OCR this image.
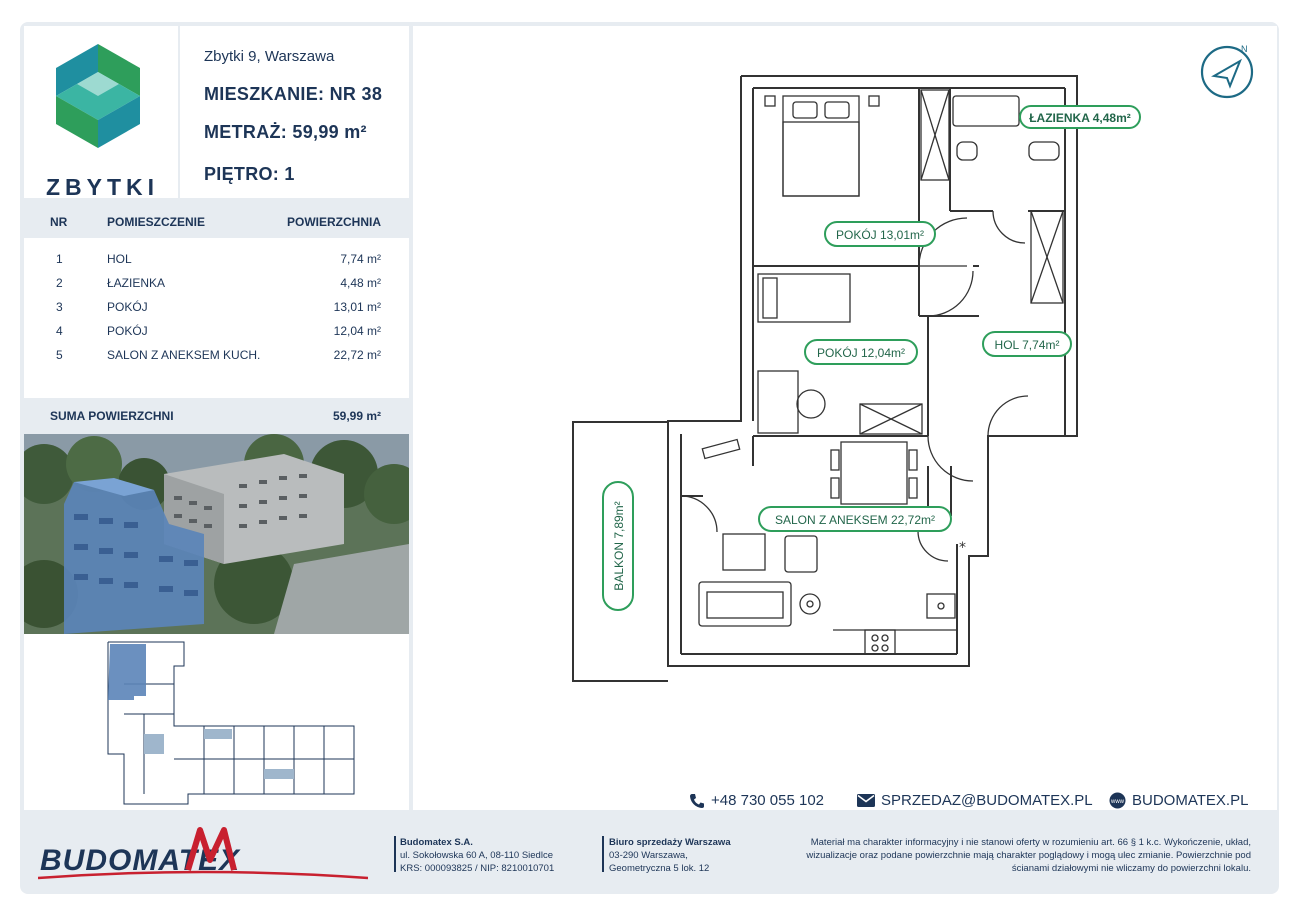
ZBYTKI
Zbytki 9, Warszawa
MIESZKANIE: NR 38
METRAŻ: 59,99 m²
PIĘTRO: 1
NR	POMIESZCZENIE	POWIERZCHNIA
1	HOL	7,74 m²
2	ŁAZIENKA	4,48 m²
3	POKÓJ	13,01 m²
4	POKÓJ	12,04 m²
5	SALON Z ANEKSEM KUCH.	22,72 m²
SUMA POWIERZCHNI	59,99 m²
N
*
ŁAZIENKA 4,48m²
POKÓJ 13,01m²
POKÓJ 12,04m²
HOL 7,74m²
SALON Z ANEKSEM 22,72m²
BALKON 7,89m²
+48 730 055 102	SPRZEDAZ@BUDOMATEX.PL	www BUDOMATEX.PL
BUDOMATEX
Budomatex S.A.
ul. Sokołowska 60 A, 08-110 Siedlce
KRS: 000093825 / NIP: 8210010701
Biuro sprzedaży Warszawa
03-290 Warszawa,
Geometryczna 5 lok. 12
Materiał ma charakter informacyjny i nie stanowi oferty w rozumieniu art. 66 § 1 k.c. Wykończenie, układ,
wizualizacje oraz podane powierzchnie mają charakter poglądowy i mogą ulec zmianie. Powierzchnie pod
ścianami działowymi nie wliczamy do powierzchni lokalu.
